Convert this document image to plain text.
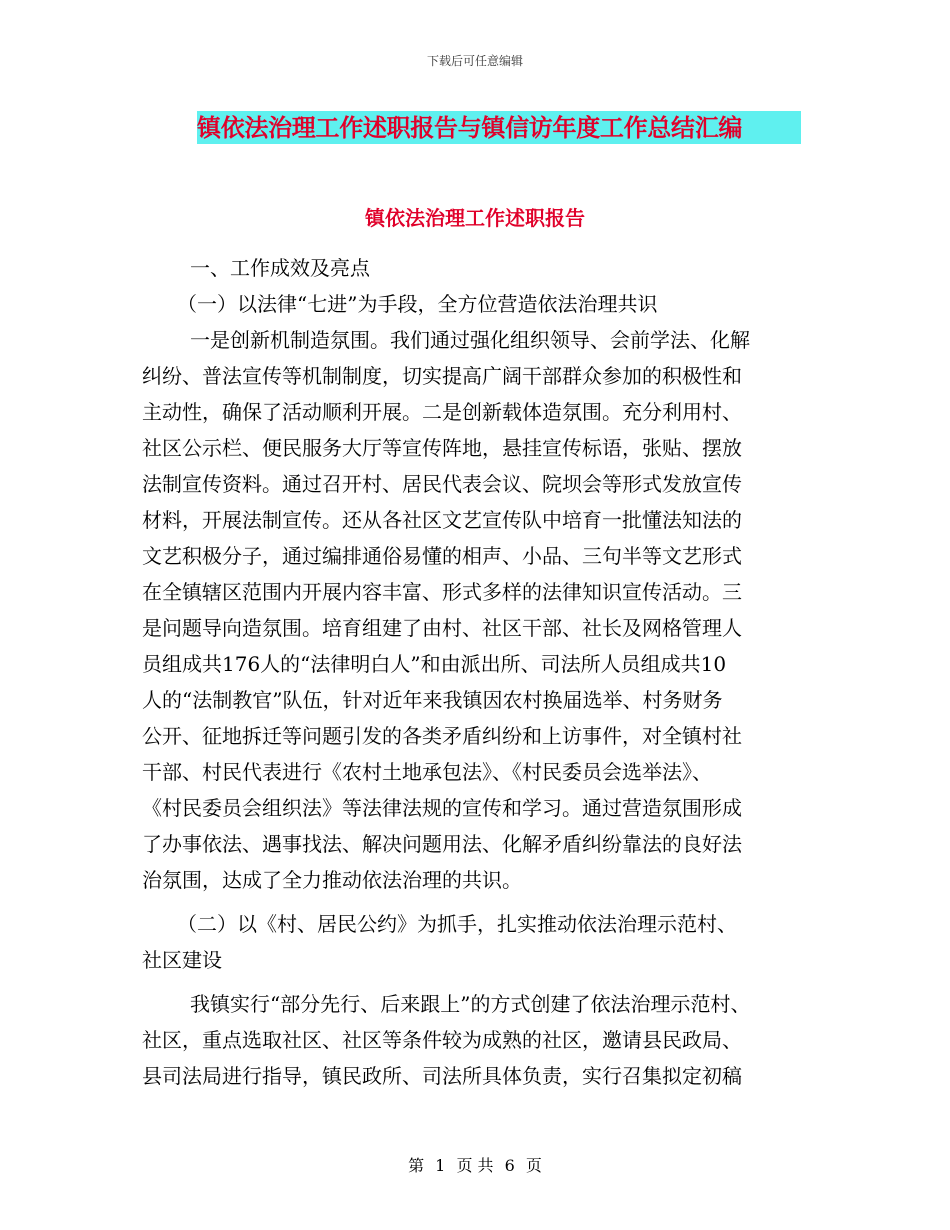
下载后可任意编辑
镇依法治理工作述职报告与镇信访年度工作总结汇编
镇依法治理工作述职报告
一、工作成效及亮点
（一）以法律“七进”为手段，全方位营造依法治理共识
一是创新机制造氛围。我们通过强化组织领导、会前学法、化解
纠纷、普法宣传等机制制度，切实提高广阔干部群众参加的积极性和
主动性，确保了活动顺利开展。二是创新载体造氛围。充分利用村、
社区公示栏、便民服务大厅等宣传阵地，悬挂宣传标语，张贴、摆放
法制宣传资料。通过召开村、居民代表会议、院坝会等形式发放宣传
材料，开展法制宣传。还从各社区文艺宣传队中培育一批懂法知法的
文艺积极分子，通过编排通俗易懂的相声、小品、三句半等文艺形式
在全镇辖区范围内开展内容丰富、形式多样的法律知识宣传活动。三
是问题导向造氛围。培育组建了由村、社区干部、社长及网格管理人
员组成共176人的“法律明白人”和由派出所、司法所人员组成共10
人的“法制教官”队伍，针对近年来我镇因农村换届选举、村务财务
公开、征地拆迁等问题引发的各类矛盾纠纷和上访事件，对全镇村社
干部、村民代表进行《农村土地承包法》、《村民委员会选举法》、
《村民委员会组织法》等法律法规的宣传和学习。通过营造氛围形成
了办事依法、遇事找法、解决问题用法、化解矛盾纠纷靠法的良好法
治氛围，达成了全力推动依法治理的共识。
（二）以《村、居民公约》为抓手，扎实推动依法治理示范村、
社区建设
我镇实行“部分先行、后来跟上”的方式创建了依法治理示范村、
社区，重点选取社区、社区等条件较为成熟的社区，邀请县民政局、
县司法局进行指导，镇民政所、司法所具体负责，实行召集拟定初稿
第 1 页 共 6 页
